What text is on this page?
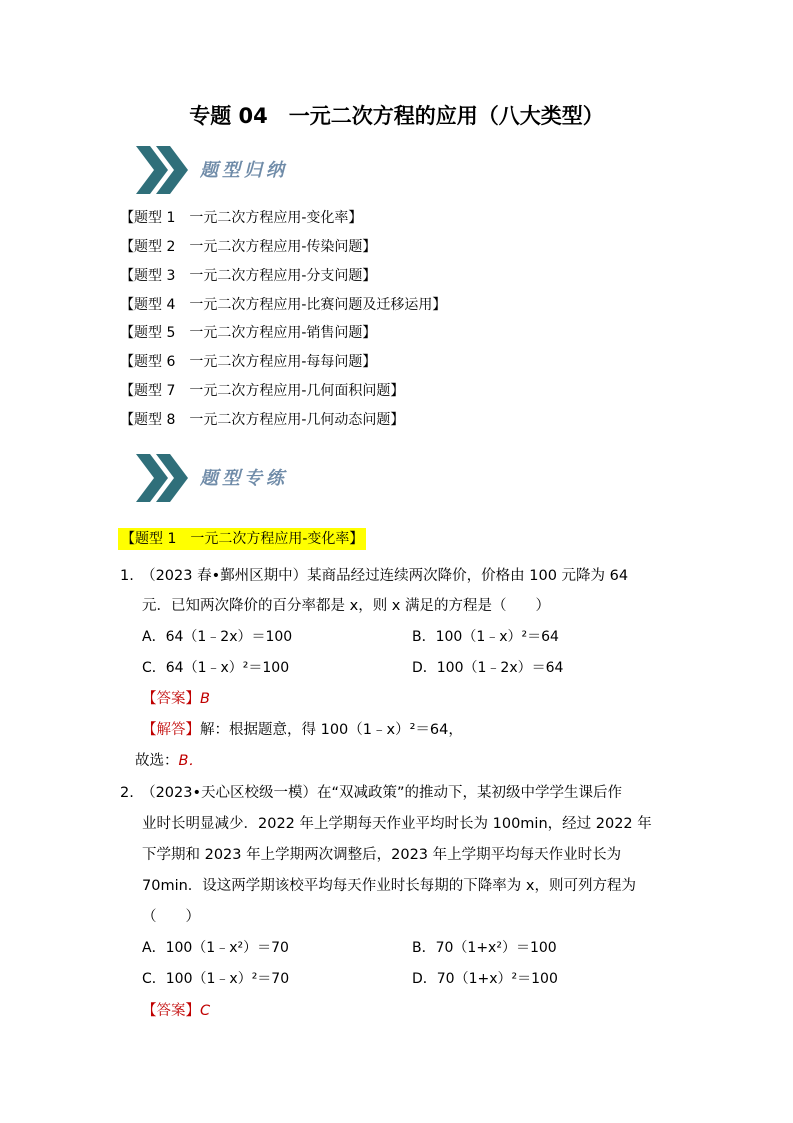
专题 04　一元二次方程的应用（八大类型）
题型归纳
【题型 1　一元二次方程应用-变化率】
【题型 2　一元二次方程应用-传染问题】
【题型 3　一元二次方程应用-分支问题】
【题型 4　一元二次方程应用-比赛问题及迁移运用】
【题型 5　一元二次方程应用-销售问题】
【题型 6　一元二次方程应用-每每问题】
【题型 7　一元二次方程应用-几何面积问题】
【题型 8　一元二次方程应用-几何动态问题】
题型专练
【题型 1　一元二次方程应用-变化率】
1.　（2023 春•鄞州区期中）某商品经过连续两次降价，价格由 100 元降为 64
元．已知两次降价的百分率都是 x，则 x 满足的方程是（　　）
A．64（1﹣2x）＝100	B．100（1﹣x）²＝64
C．64（1﹣x）²＝100	D．100（1﹣2x）＝64
【答案】B
【解答】解：根据题意，得 100（1﹣x）²＝64，
故选：B．
2.　（2023•天心区校级一模）在“双减政策”的推动下，某初级中学学生课后作
业时长明显减少．2022 年上学期每天作业平均时长为 100min，经过 2022 年
下学期和 2023 年上学期两次调整后，2023 年上学期平均每天作业时长为
70min．设这两学期该校平均每天作业时长每期的下降率为 x，则可列方程为
（　　）
A．100（1﹣x²）＝70	B．70（1+x²）＝100
C．100（1﹣x）²＝70	D．70（1+x）²＝100
【答案】C
